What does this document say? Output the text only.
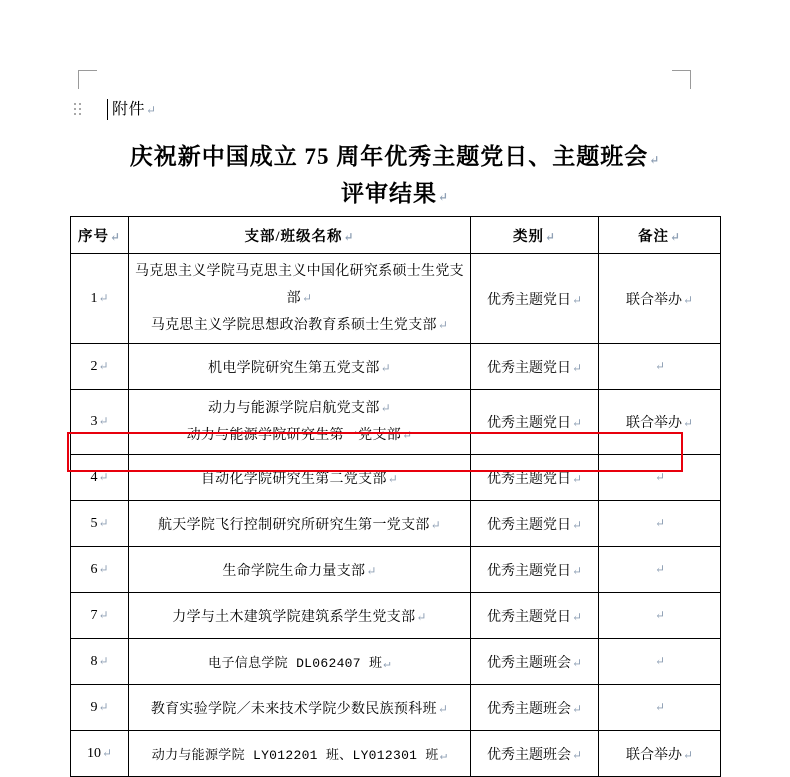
附件↵
庆祝新中国成立 75 周年优秀主题党日、主题班会↵
评审结果↵
序号↵	支部/班级名称↵	类别↵	备注↵
1↵	马克思主义学院马克思主义中国化研究系硕士生党支部↵
马克思主义学院思想政治教育系硕士生党支部↵	优秀主题党日↵	联合举办↵
2↵	机电学院研究生第五党支部↵	优秀主题党日↵	↵
3↵	动力与能源学院启航党支部↵
动力与能源学院研究生第一党支部↵	优秀主题党日↵	联合举办↵
4↵	自动化学院研究生第二党支部↵	优秀主题党日↵	↵
5↵	航天学院飞行控制研究所研究生第一党支部↵	优秀主题党日↵	↵
6↵	生命学院生命力量支部↵	优秀主题党日↵	↵
7↵	力学与土木建筑学院建筑系学生党支部↵	优秀主题党日↵	↵
8↵	电子信息学院 DL062407 班↵	优秀主题班会↵	↵
9↵	教育实验学院／未来技术学院少数民族预科班↵	优秀主题班会↵	↵
10↵	动力与能源学院 LY012201 班、LY012301 班↵	优秀主题班会↵	联合举办↵
